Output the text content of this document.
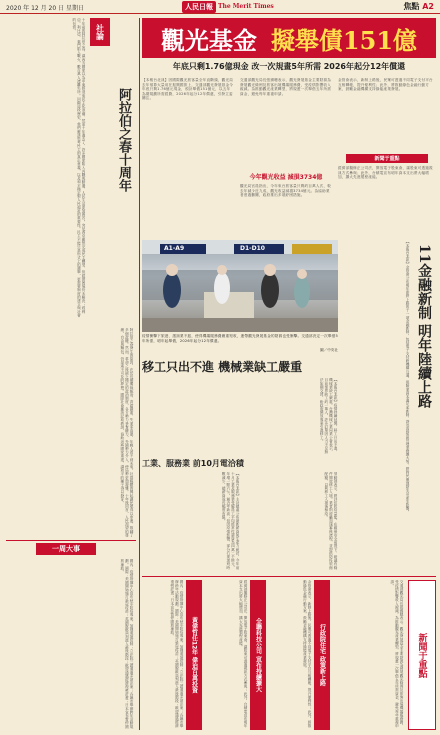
2020 年 12 月 20 日 星期日	人民日報 The Merit Times	焦點 A2
社論
阿拉伯之春十周年
十年前的阿拉伯之春，讓西方國家以為中東將迎來民主化浪潮，然而十年過去了，許多國家陷入內戰與動盪，人民生活更加困苦。突尼西亞雖然完成民主轉型，但經濟困境仍未解決；敘利亞、利比亞、葉門陷入戰火，數百萬人流離失所。回顧這段歷史，我們應該思考民主的真正意義，以及和平穩定對人民福祉的重要性。民主不能只是形式上的選舉，更需要制度的建立與社會的包容。
阿拉伯之春發生的原因，在於長期獨裁統治、貪腐嚴重、失業率高漲，年輕人看不到未來。社群媒體的興起讓民眾得以串連，推翻了多個政權。然而，革命之後缺乏穩定的政治制度，各方勢力爭奪權力，外國勢力介入，使局勢更加複雜。十年後回首，人民渴望的尊嚴、自由與麵包，仍是遙不可及的夢想。國際社會應該記取教訓，協助這些國家重建，讓和平的種子得以發芽。
一周大事
國內：疫情指揮中心宣布秋冬防疫專案，加強邊境管制；立法院三讀通過多項法案；各縣市舉辦跨年活動規劃。國際：美國開始施打新冠疫苗；英國脫歐談判進入最後階段；歐盟通過經濟復甦計畫；日本宣布暫停國旅補助。
觀光基金 擬舉債151億
年底只剩1.76億現金 改一次規畫5年所需 2026年起分12年償還
【本報台北訊】因國際觀光旅客量全年直斷頭，觀光局去年預算大量用在振興國旅上，交通部觀光發展基金今年底只剩1.76億元現金，預計舉債151億元，以五年為期規劃所需經費，2026年起分12年償還，引發立委關注。
交通部觀光局長張錫聰表示，觀光發展基金主要財源為發展觀光條例及旅客出境機場服務費，受疫情影響收入銳減。為推動觀光產業轉型，將規畫一次舉借五年所需資金，避免每年重複申請。
今年觀光收益 減損3734億
觀光局官員指出，今年來台旅客量只剩約百萬人次，較去年減少近九成，觀光收益減損3734億元。為協助業者度過難關，政府推出多項紓困措施。
金管會表示，新制上路後，民眾可透過不同電子支付平台互相轉帳，提升便利性；此外，將推動綠色金融行動方案，鼓勵金融機構支持綠能產業發展。
新聞于重點
經濟部擬修正公司法，開放電子股東會，讓股東可透過視訊方式參與；此外，台積電宣布明年資本支出將大幅增加，擴大先進製程產能。
A1-A9	D1-D10
疫情衝擊下旅遊、諮詢業不振，使得機場服務費嚴重短收，連帶觀光發展基金的財源也受衝擊。交通部決定一次舉借5年所需，明年起舉債，2026年起分12年償還。
圖／中央社
移工只出不進 機械業缺工嚴重
【本報台北訊】疫情持續延燒，移工只出不進，機械業缺工嚴重。台灣機械工業同業公會表示，目前業界缺工約一萬人，許多訂單因人力不足無法如期交貨，盼政府開放專案引進移工。
工業、服務業 前10月電洽積
【本報台北訊】主計總處公布最新薪資與生產力統計，今年前十月工業及服務業受僱員工平均經常性薪資為四萬二千餘元，年增一點六％，創近年新高；但因疫情影響，部分行業加班時數減少，總薪資成長幅度有限。	勞動部表示，將評估防疫量能，在確保安全前提下，研議有條件開放移工入境。業者則呼籲加速審核流程，並提供防疫旅館配額，以利移工入境後檢疫。	【本報台北訊】金管會公布明年即將上路的十一項金融新制，包括電子支付跨機構互通、保險業資本適足率新制、證券商財富管理業務擴大等，將對民眾理財生活產生影響。 11金融新制 明年陸續上路
國內：疫情指揮中心宣布秋冬防疫專案，加強邊境管制；立法院三讀通過多項法案；各縣市舉辦跨年活動規劃。國際：美國開始施打新冠疫苗；英國脫歐談判進入最後階段；歐盟通過經濟復甦計畫；日本宣布暫停國旅補助。
黃偉哲任12年 偉迫百萬投資	經濟部擬修正公司法，開放電子股東會，讓股東可透過視訊方式參與；此外，台積電宣布明年資本支出將大幅增加，擴大先進製程產能。
全聯科技公司 宣布持續擴大	金管會表示，新制上路後，民眾可透過不同電子支付平台互相轉帳，提升便利性；此外，將推動綠色金融行動方案，鼓勵金融機構支持綠能產業發展。	行政院住宅 政策新上路	交通部觀光局長張錫聰表示，觀光發展基金主要財源為發展觀光條例及旅客出境機場服務費，受疫情影響收入銳減。為推動觀光產業轉型，將規畫一次舉借五年所需資金，避免每年重複申請。
新聞于重點
